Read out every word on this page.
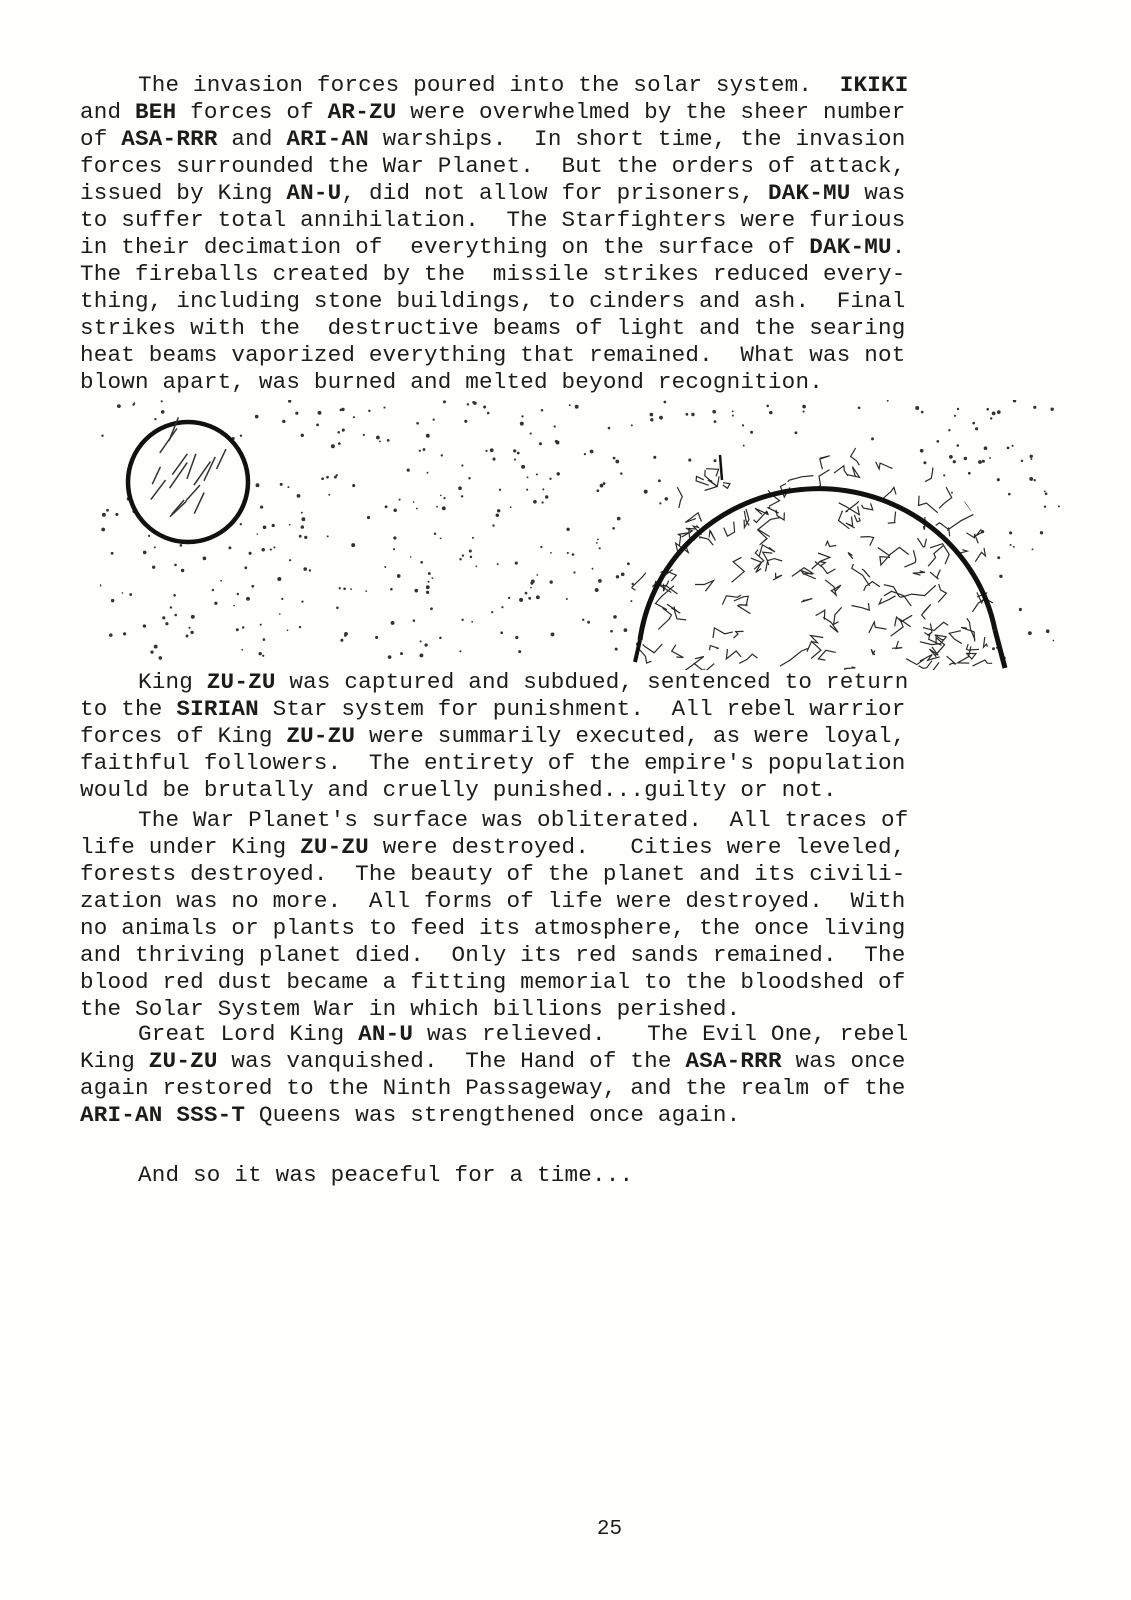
The invasion forces poured into the solar system.  IKIKI
and BEH forces of AR-ZU were overwhelmed by the sheer number
of ASA-RRR and ARI-AN warships.  In short time, the invasion
forces surrounded the War Planet.  But the orders of attack,
issued by King AN-U, did not allow for prisoners, DAK-MU was
to suffer total annihilation.  The Starfighters were furious
in their decimation of  everything on the surface of DAK-MU.
The fireballs created by the  missile strikes reduced every-
thing, including stone buildings, to cinders and ash.  Final
strikes with the  destructive beams of light and the searing
heat beams vaporized everything that remained.  What was not
blown apart, was burned and melted beyond recognition.

King ZU-ZU was captured and subdued, sentenced to return
to the SIRIAN Star system for punishment.  All rebel warrior
forces of King ZU-ZU were summarily executed, as were loyal,
faithful followers.  The entirety of the empire's population
would be brutally and cruelly punished...guilty or not.

The War Planet's surface was obliterated.  All traces of
life under King ZU-ZU were destroyed.   Cities were leveled,
forests destroyed.  The beauty of the planet and its civili-
zation was no more.  All forms of life were destroyed.  With
no animals or plants to feed its atmosphere, the once living
and thriving planet died.  Only its red sands remained.  The
blood red dust became a fitting memorial to the bloodshed of
the Solar System War in which billions perished.

Great Lord King AN-U was relieved.   The Evil One, rebel
King ZU-ZU was vanquished.  The Hand of the ASA-RRR was once
again restored to the Ninth Passageway, and the realm of the
ARI-AN SSS-T Queens was strengthened once again.

And so it was peaceful for a time...

25
